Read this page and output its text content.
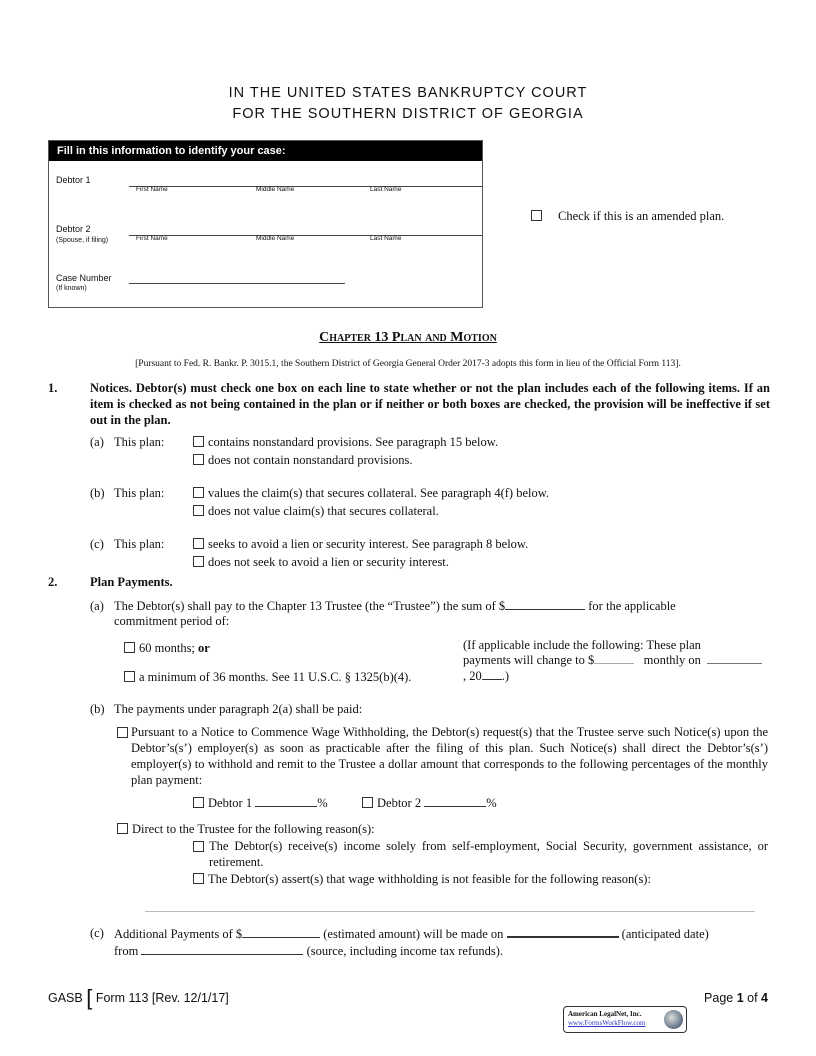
IN THE UNITED STATES BANKRUPTCY COURT
FOR THE SOUTHERN DISTRICT OF GEORGIA
Fill in this information to identify your case:
Debtor 1
First Name	Middle Name	Last Name
Debtor 2
(Spouse, if filing)	First Name	Middle Name	Last Name
Case Number
(If known)
Check if this is an amended plan.
Chapter 13 Plan and Motion
[Pursuant to Fed. R. Bankr. P. 3015.1, the Southern District of Georgia General Order 2017-3 adopts this form in lieu of the Official Form 113].
1.	Notices. Debtor(s) must check one box on each line to state whether or not the plan includes each of the following items. If an item is checked as not being contained in the plan or if neither or both boxes are checked, the provision will be ineffective if set out in the plan.
(a) This plan:	contains nonstandard provisions. See paragraph 15 below.
does not contain nonstandard provisions.
(b) This plan:	values the claim(s) that secures collateral. See paragraph 4(f) below.
does not value claim(s) that secures collateral.
(c) This plan:	seeks to avoid a lien or security interest. See paragraph 8 below.
does not seek to avoid a lien or security interest.
2.	Plan Payments.
(a) The Debtor(s) shall pay to the Chapter 13 Trustee (the “Trustee”) the sum of $	for the applicable
commitment period of:
60 months; or
a minimum of 36 months. See 11 U.S.C. § 1325(b)(4).
(If applicable include the following: These plan
payments will change to $	monthly on
, 20 .)
(b) The payments under paragraph 2(a) shall be paid:
Pursuant to a Notice to Commence Wage Withholding, the Debtor(s) request(s) that the Trustee serve such Notice(s) upon the Debtor’s(s’) employer(s) as soon as practicable after the filing of this plan. Such Notice(s) shall direct the Debtor’s(s’) employer(s) to withhold and remit to the Trustee a dollar amount that corresponds to the following percentages of the monthly plan payment:
Debtor 1	%	Debtor 2	%
Direct to the Trustee for the following reason(s):
The Debtor(s) receive(s) income solely from self-employment, Social Security, government assistance, or retirement.
The Debtor(s) assert(s) that wage withholding is not feasible for the following reason(s):
(c) Additional Payments of $	(estimated amount) will be made on	(anticipated date)
from	(source, including income tax refunds).
GASB [ Form 113 [Rev. 12/1/17]	Page 1 of 4
American LegalNet, Inc.
www.FormsWorkFlow.com
